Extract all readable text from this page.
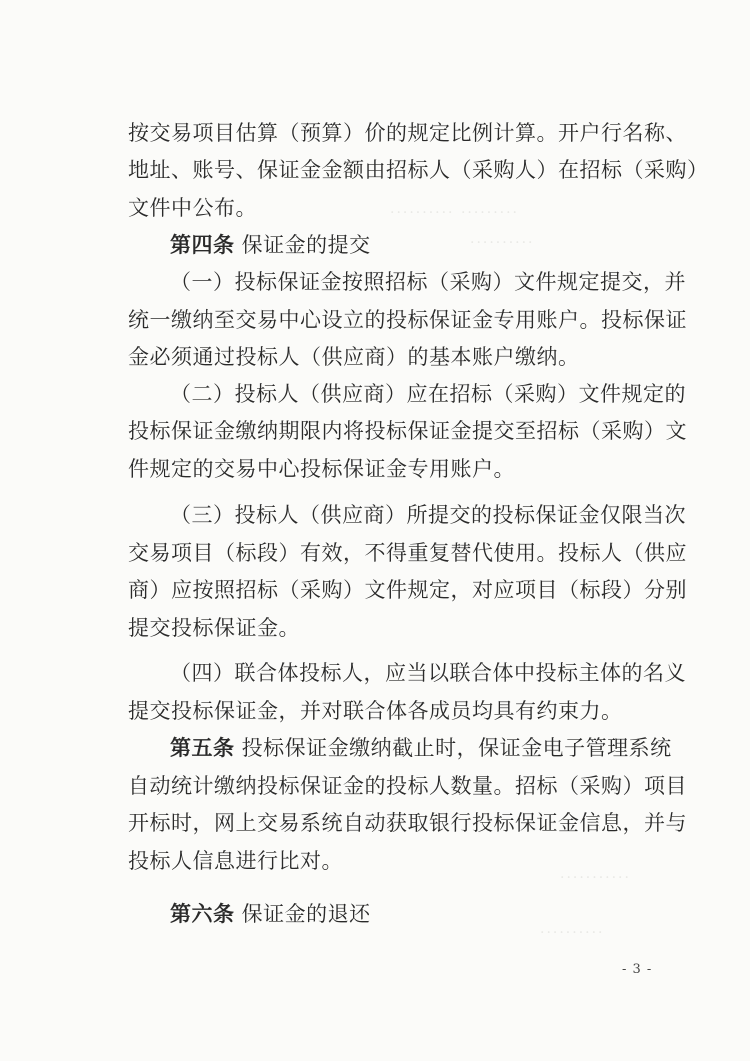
·········· ·········
··········
···········
··········
按交易项目估算（预算）价的规定比例计算。开户行名称、
地址、账号、保证金金额由招标人（采购人）在招标（采购）
文件中公布。
第四条 保证金的提交
（一）投标保证金按照招标（采购）文件规定提交，并
统一缴纳至交易中心设立的投标保证金专用账户。投标保证
金必须通过投标人（供应商）的基本账户缴纳。
（二）投标人（供应商）应在招标（采购）文件规定的
投标保证金缴纳期限内将投标保证金提交至招标（采购）文
件规定的交易中心投标保证金专用账户。
（三）投标人（供应商）所提交的投标保证金仅限当次
交易项目（标段）有效，不得重复替代使用。投标人（供应
商）应按照招标（采购）文件规定，对应项目（标段）分别
提交投标保证金。
（四）联合体投标人，应当以联合体中投标主体的名义
提交投标保证金，并对联合体各成员均具有约束力。
第五条 投标保证金缴纳截止时，保证金电子管理系统
自动统计缴纳投标保证金的投标人数量。招标（采购）项目
开标时，网上交易系统自动获取银行投标保证金信息，并与
投标人信息进行比对。
第六条 保证金的退还
- 3 -
